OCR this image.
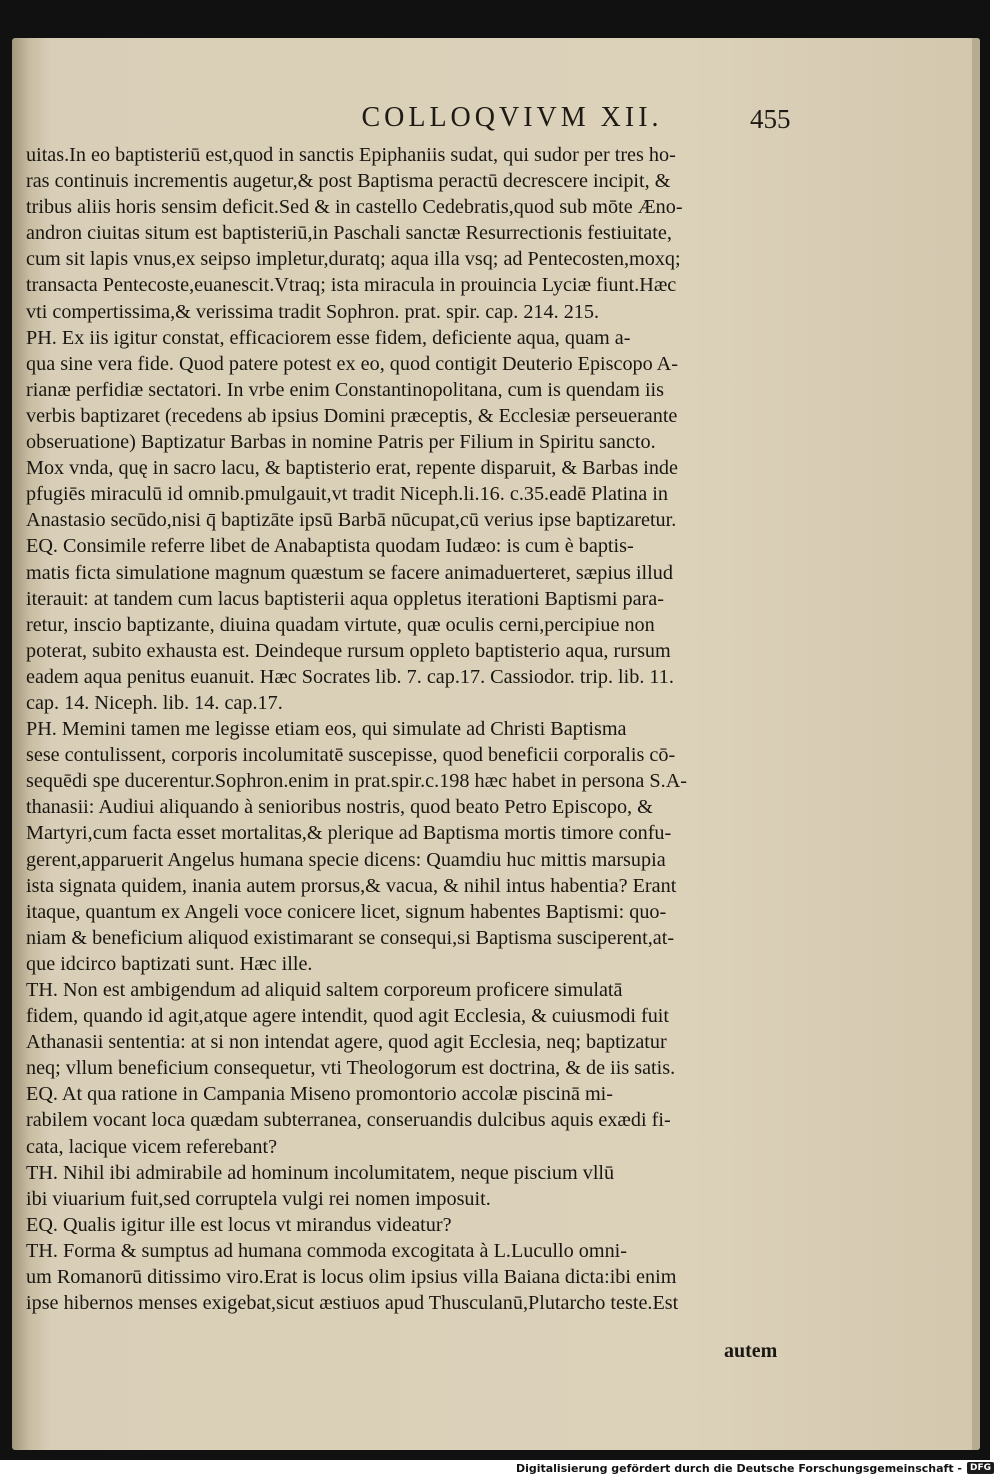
COLLOQVIVM XII.	455
uitas.In eo baptisteriū est,quod in sanctis Epiphaniis sudat, qui sudor per tres ho-
ras continuis incrementis augetur,& post Baptisma peractū decrescere incipit, &
tribus aliis horis sensim deficit.Sed & in castello Cedebratis,quod sub mōte Æno-
andron ciuitas situm est baptisteriū,in Paschali sanctæ Resurrectionis festiuitate,
cum sit lapis vnus,ex seipso impletur,duratq; aqua illa vsq; ad Pentecosten,moxq;
transacta Pentecoste,euanescit.Vtraq; ista miracula in prouincia Lyciæ fiunt.Hæc
vti compertissima,& verissima tradit Sophron. prat. spir. cap. 214. 215.
PH. Ex iis igitur constat, efficaciorem esse fidem, deficiente aqua, quam a-
qua sine vera fide. Quod patere potest ex eo, quod contigit Deuterio Episcopo A-
rianæ perfidiæ sectatori. In vrbe enim Constantinopolitana, cum is quendam iis
verbis baptizaret (recedens ab ipsius Domini præceptis, & Ecclesiæ perseuerante
obseruatione) Baptizatur Barbas in nomine Patris per Filium in Spiritu sancto.
Mox vnda, quę in sacro lacu, & baptisterio erat, repente disparuit, & Barbas inde
pfugiēs miraculū id omnib.pmulgauit,vt tradit Niceph.li.16. c.35.eadē Platina in
Anastasio secūdo,nisi q̄ baptizāte ipsū Barbā nūcupat,cū verius ipse baptizaretur.
EQ. Consimile referre libet de Anabaptista quodam Iudæo: is cum è baptis-
matis ficta simulatione magnum quæstum se facere animaduerteret, sæpius illud
iterauit: at tandem cum lacus baptisterii aqua oppletus iterationi Baptismi para-
retur, inscio baptizante, diuina quadam virtute, quæ oculis cerni,percipiue non
poterat, subito exhausta est. Deindeque rursum oppleto baptisterio aqua, rursum
eadem aqua penitus euanuit. Hæc Socrates lib. 7. cap.17. Cassiodor. trip. lib. 11.
cap. 14. Niceph. lib. 14. cap.17.
PH. Memini tamen me legisse etiam eos, qui simulate ad Christi Baptisma
sese contulissent, corporis incolumitatē suscepisse, quod beneficii corporalis cō-
sequēdi spe ducerentur.Sophron.enim in prat.spir.c.198 hæc habet in persona S.A-
thanasii: Audiui aliquando à senioribus nostris, quod beato Petro Episcopo, &
Martyri,cum facta esset mortalitas,& plerique ad Baptisma mortis timore confu-
gerent,apparuerit Angelus humana specie dicens: Quamdiu huc mittis marsupia
ista signata quidem, inania autem prorsus,& vacua, & nihil intus habentia? Erant
itaque, quantum ex Angeli voce conicere licet, signum habentes Baptismi: quo-
niam & beneficium aliquod existimarant se consequi,si Baptisma susciperent,at-
que idcirco baptizati sunt. Hæc ille.
TH. Non est ambigendum ad aliquid saltem corporeum proficere simulatā
fidem, quando id agit,atque agere intendit, quod agit Ecclesia, & cuiusmodi fuit
Athanasii sententia: at si non intendat agere, quod agit Ecclesia, neq; baptizatur
neq; vllum beneficium consequetur, vti Theologorum est doctrina, & de iis satis.
EQ. At qua ratione in Campania Miseno promontorio accolæ piscinā mi-
rabilem vocant loca quædam subterranea, conseruandis dulcibus aquis exædi fi-
cata, lacique vicem referebant?
TH. Nihil ibi admirabile ad hominum incolumitatem, neque piscium vllū
ibi viuarium fuit,sed corruptela vulgi rei nomen imposuit.
EQ. Qualis igitur ille est locus vt mirandus videatur?
TH. Forma & sumptus ad humana commoda excogitata à L.Lucullo omni-
um Romanorū ditissimo viro.Erat is locus olim ipsius villa Baiana dicta:ibi enim
ipse hibernos menses exigebat,sicut æstiuos apud Thusculanū,Plutarcho teste.Est
autem
Digitalisierung gefördert durch die Deutsche Forschungsgemeinschaft - DFG
